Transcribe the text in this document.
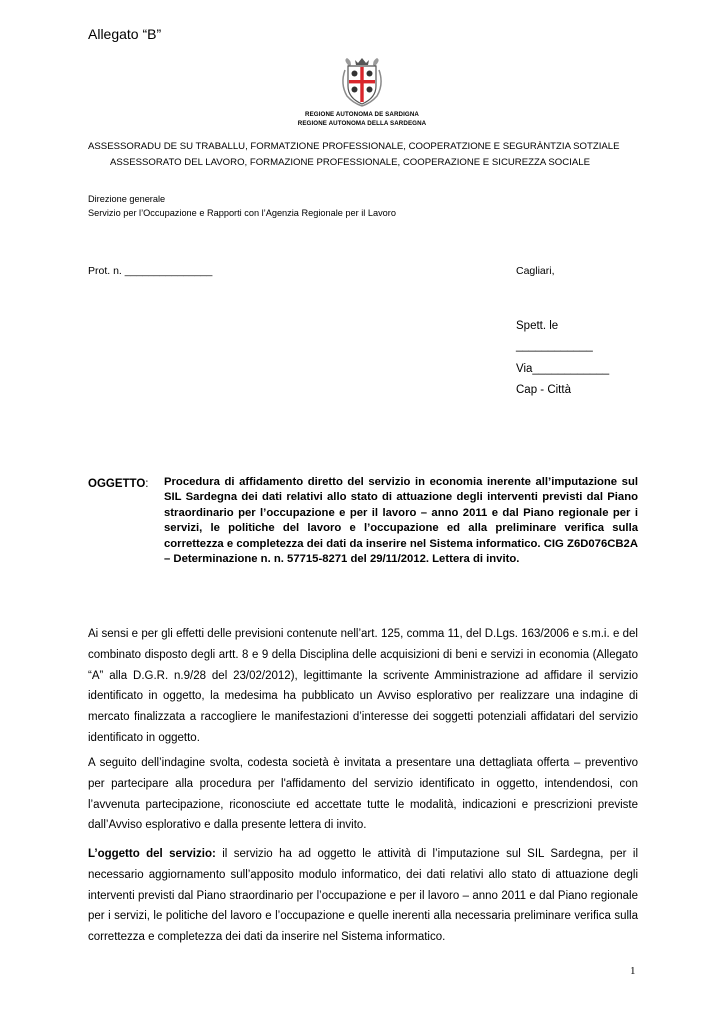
Allegato “B”
REGIONE AUTONOMA DE SARDIGNA
REGIONE AUTONOMA DELLA SARDEGNA
ASSESSORADU DE SU TRABALLU, FORMATZIONE PROFESSIONALE, COOPERATZIONE E SEGURÀNTZIA SOTZIALE
ASSESSORATO DEL LAVORO, FORMAZIONE PROFESSIONALE, COOPERAZIONE E SICUREZZA SOCIALE
Direzione generale
Servizio per l’Occupazione e Rapporti con l’Agenzia Regionale per il Lavoro
Prot. n. _______________	Cagliari,
Spett. le
____________
Via____________
Cap - Città
OGGETTO: Procedura di affidamento diretto del servizio in economia inerente all’imputazione sul SIL Sardegna dei dati relativi allo stato di attuazione degli interventi previsti dal Piano straordinario per l’occupazione e per il lavoro – anno 2011 e dal Piano regionale per i servizi, le politiche del lavoro e l’occupazione ed alla preliminare verifica sulla correttezza e completezza dei dati da inserire nel Sistema informatico. CIG Z6D076CB2A – Determinazione n. n. 57715-8271 del 29/11/2012. Lettera di invito.
Ai sensi e per gli effetti delle previsioni contenute nell’art. 125, comma 11, del D.Lgs. 163/2006 e s.m.i. e del combinato disposto degli artt. 8 e 9 della Disciplina delle acquisizioni di beni e servizi in economia (Allegato “A” alla D.G.R. n.9/28 del 23/02/2012), legittimante la scrivente Amministrazione ad affidare il servizio identificato in oggetto, la medesima ha pubblicato un Avviso esplorativo per realizzare una indagine di mercato finalizzata a raccogliere le manifestazioni d’interesse dei soggetti potenziali affidatari del servizio identificato in oggetto.
A seguito dell’indagine svolta, codesta società è invitata a presentare una dettagliata offerta – preventivo per partecipare alla procedura per l'affidamento del servizio identificato in oggetto, intendendosi, con l’avvenuta partecipazione, riconosciute ed accettate tutte le modalità, indicazioni e prescrizioni previste dall’Avviso esplorativo e dalla presente lettera di invito.
L’oggetto del servizio: il servizio ha ad oggetto le attività di l’imputazione sul SIL Sardegna, per il necessario aggiornamento sull’apposito modulo informatico, dei dati relativi allo stato di attuazione degli interventi previsti dal Piano straordinario per l’occupazione e per il lavoro – anno 2011 e dal Piano regionale per i servizi, le politiche del lavoro e l’occupazione e quelle inerenti alla necessaria preliminare verifica sulla correttezza e completezza dei dati da inserire nel Sistema informatico.
1
